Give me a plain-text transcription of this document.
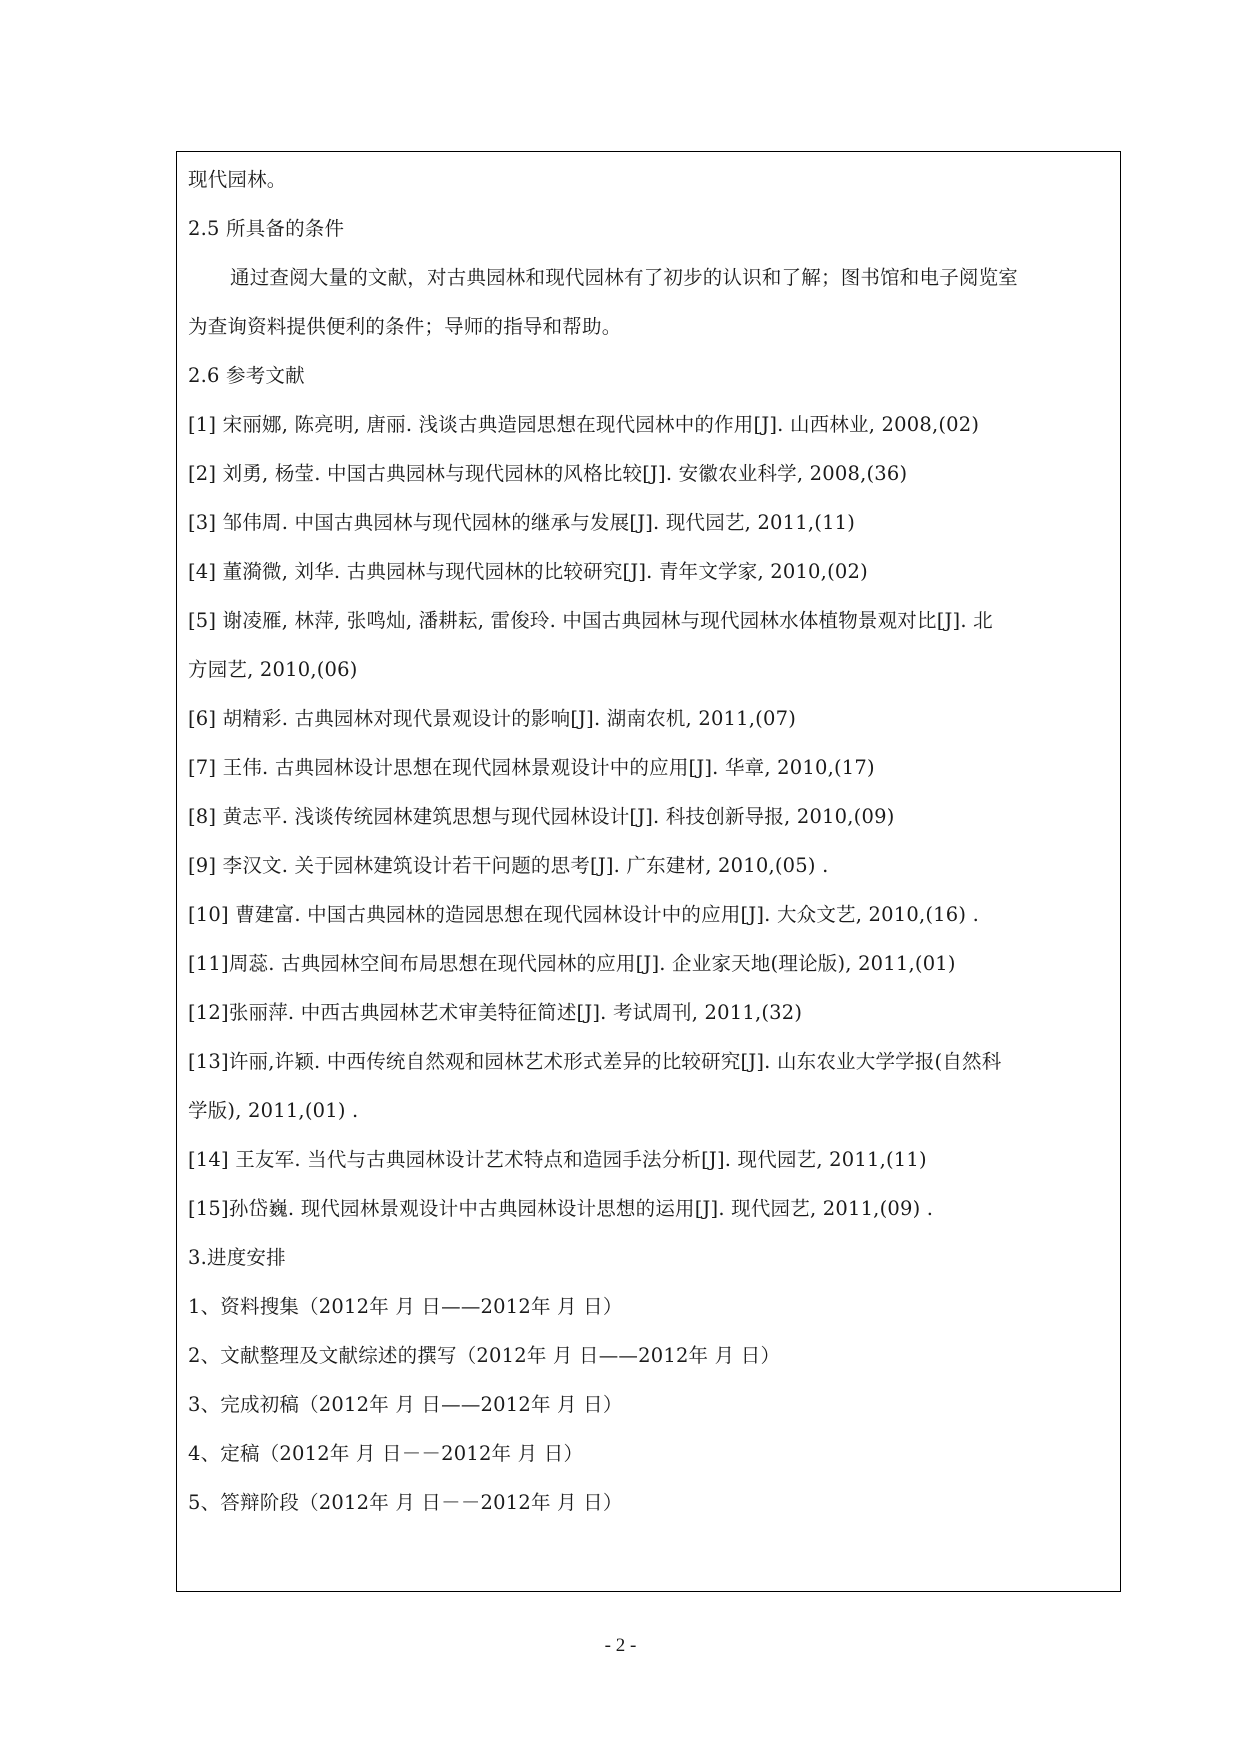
现代园林。
2.5 所具备的条件
通过查阅大量的文献，对古典园林和现代园林有了初步的认识和了解；图书馆和电子阅览室
为查询资料提供便利的条件；导师的指导和帮助。
2.6 参考文献
[1] 宋丽娜, 陈亮明, 唐丽. 浅谈古典造园思想在现代园林中的作用[J]. 山西林业, 2008,(02)
[2] 刘勇, 杨莹. 中国古典园林与现代园林的风格比较[J]. 安徽农业科学, 2008,(36)
[3] 邹伟周. 中国古典园林与现代园林的继承与发展[J]. 现代园艺, 2011,(11)
[4] 董漪微, 刘华. 古典园林与现代园林的比较研究[J]. 青年文学家, 2010,(02)
[5] 谢凌雁, 林萍, 张鸣灿, 潘耕耘, 雷俊玲. 中国古典园林与现代园林水体植物景观对比[J]. 北
方园艺, 2010,(06)
[6] 胡精彩. 古典园林对现代景观设计的影响[J]. 湖南农机, 2011,(07)
[7] 王伟. 古典园林设计思想在现代园林景观设计中的应用[J]. 华章, 2010,(17)
[8] 黄志平. 浅谈传统园林建筑思想与现代园林设计[J]. 科技创新导报, 2010,(09)
[9] 李汉文. 关于园林建筑设计若干问题的思考[J]. 广东建材, 2010,(05) .
[10] 曹建富. 中国古典园林的造园思想在现代园林设计中的应用[J]. 大众文艺, 2010,(16) .
[11]周蕊. 古典园林空间布局思想在现代园林的应用[J]. 企业家天地(理论版), 2011,(01)
[12]张丽萍. 中西古典园林艺术审美特征简述[J]. 考试周刊, 2011,(32)
[13]许丽,许颖. 中西传统自然观和园林艺术形式差异的比较研究[J]. 山东农业大学学报(自然科
学版), 2011,(01) .
[14] 王友军. 当代与古典园林设计艺术特点和造园手法分析[J]. 现代园艺, 2011,(11)
[15]孙岱巍. 现代园林景观设计中古典园林设计思想的运用[J]. 现代园艺, 2011,(09) .
3.进度安排
1、资料搜集（2012年 月 日——2012年 月 日）
2、文献整理及文献综述的撰写（2012年 月 日——2012年 月 日）
3、完成初稿（2012年 月 日——2012年 月 日）
4、定稿（2012年 月 日－－2012年 月 日）
5、答辩阶段（2012年 月 日－－2012年 月 日）
- 2 -
